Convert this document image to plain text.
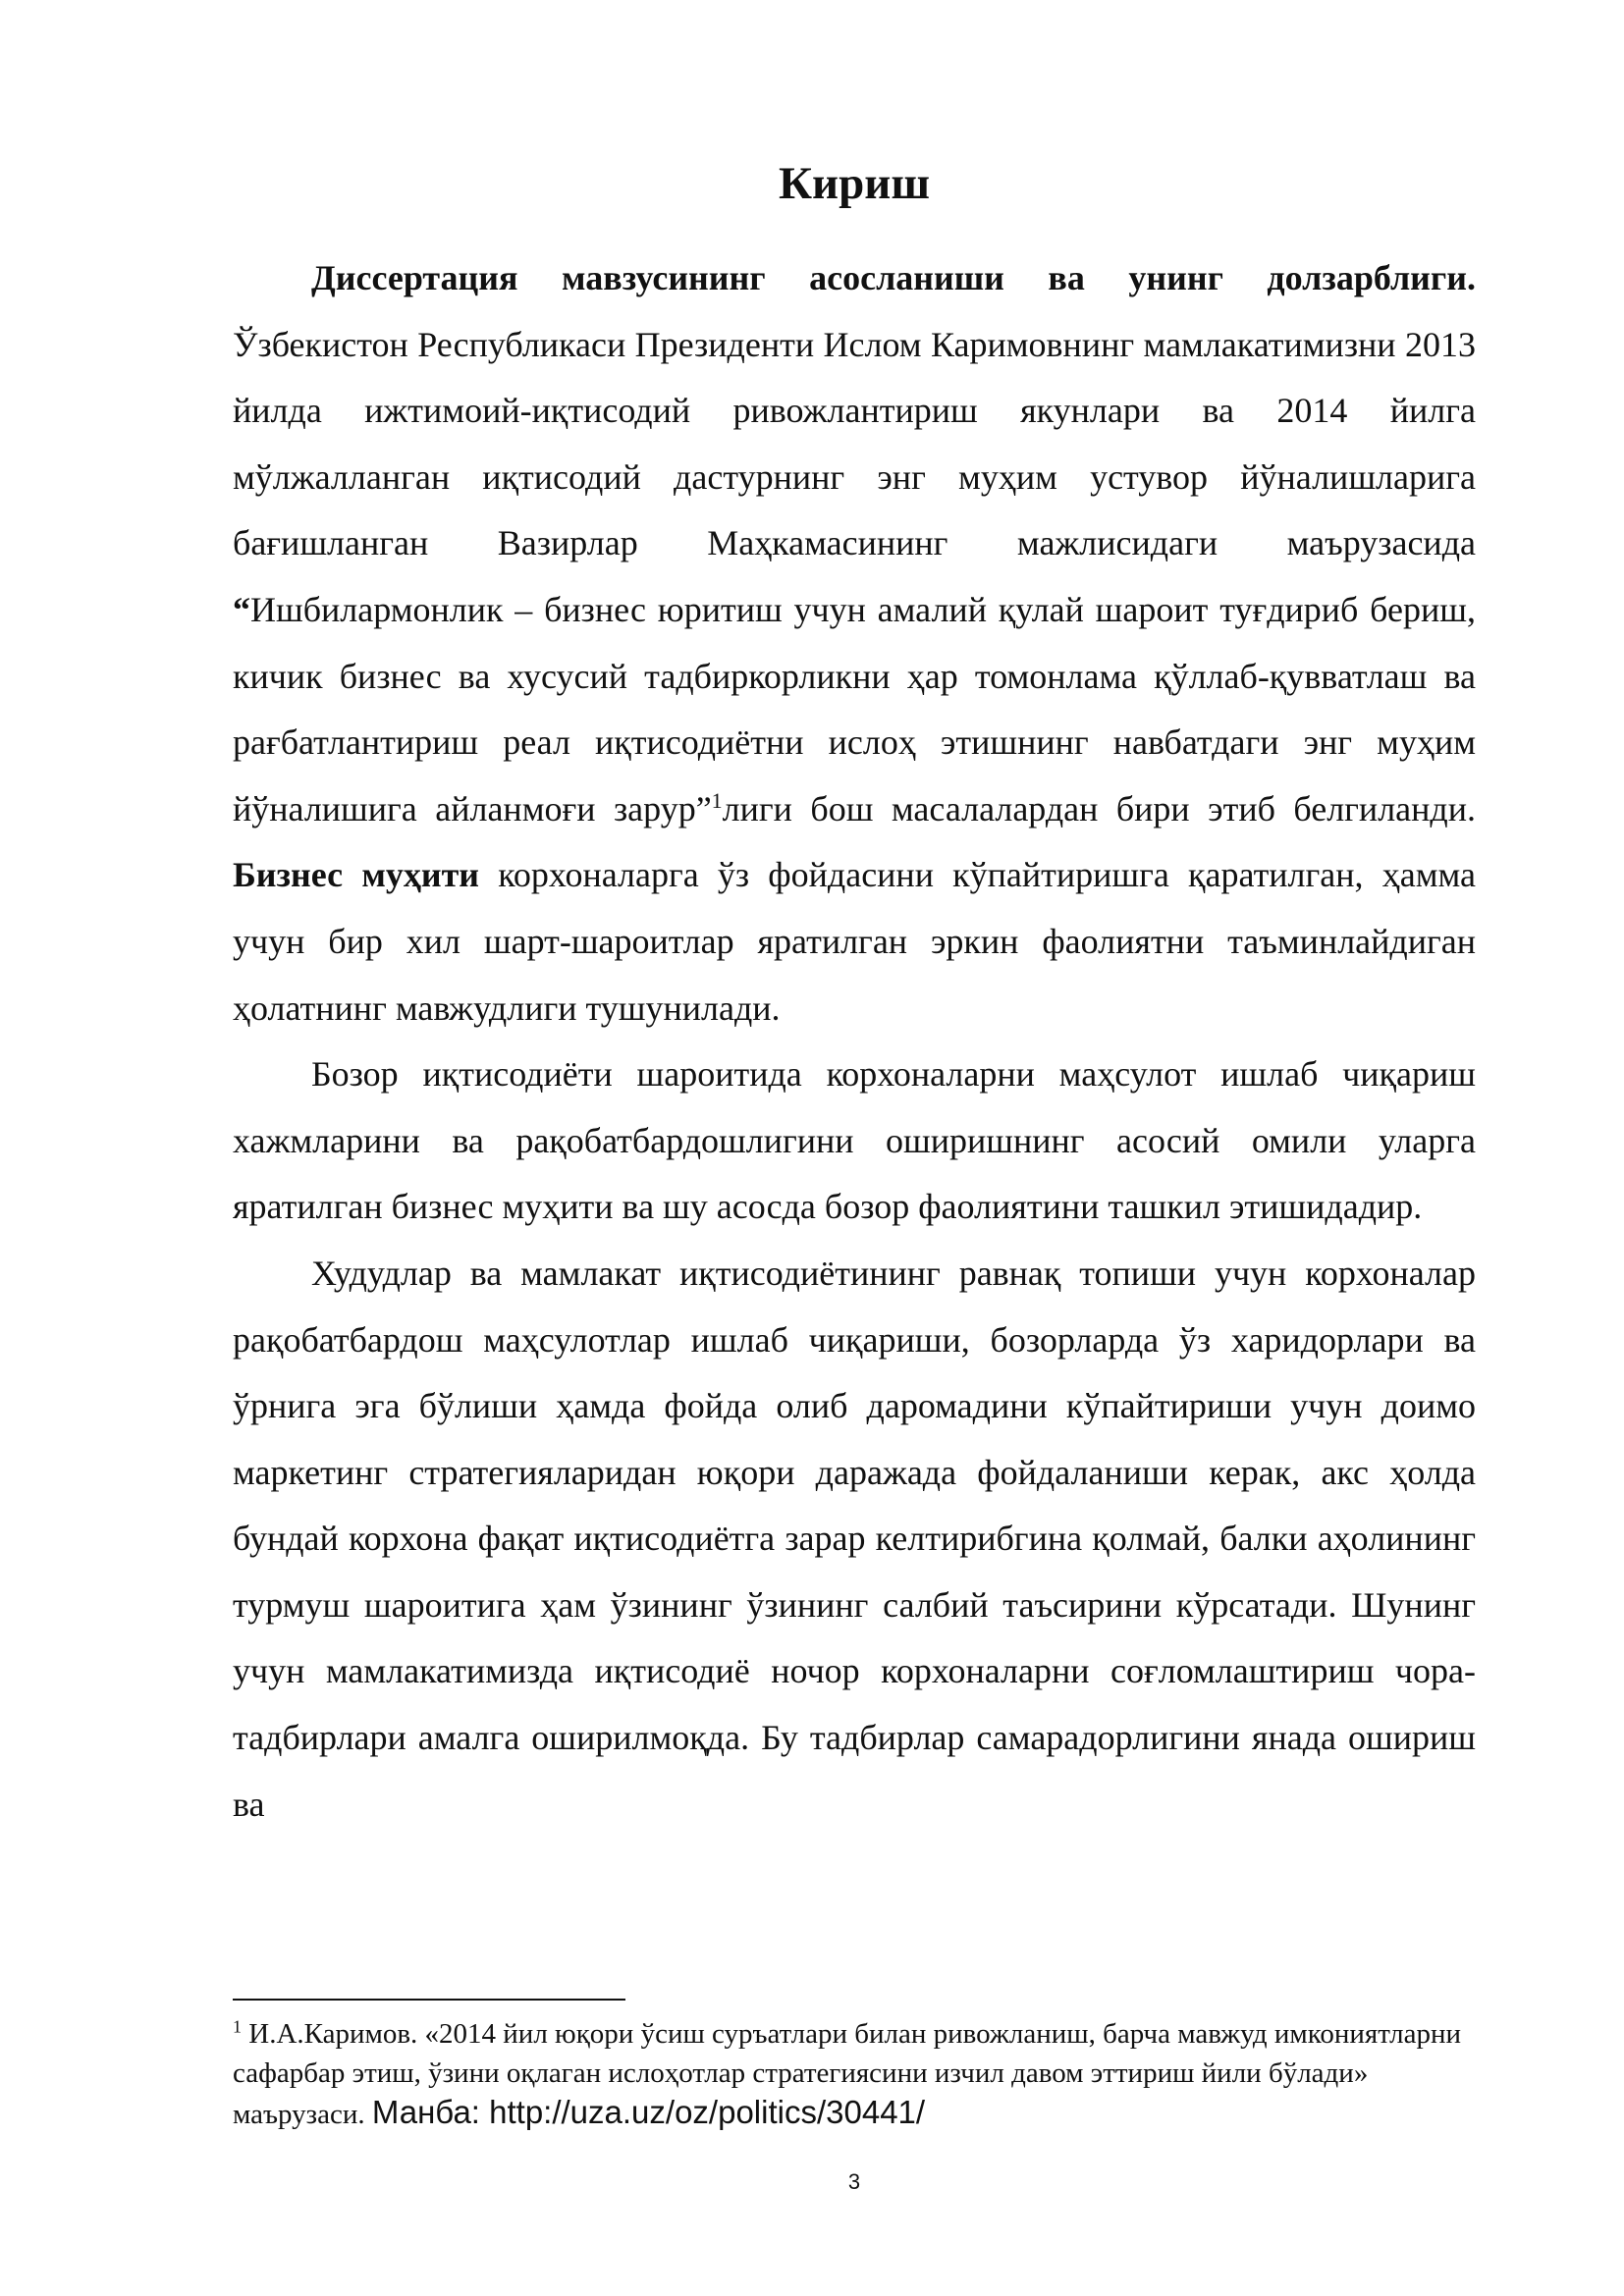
Кириш

Диссертация мавзусининг асосланиши ва унинг долзарблиги.
Ўзбекистон Республикаси Президенти Ислом Каримовнинг мамлакатимизни 2013 йилда ижтимоий-иқтисодий ривожлантириш якунлари ва 2014 йилга мўлжалланган иқтисодий дастурнинг энг муҳим устувор йўналишларига бағишланган Вазирлар Маҳкамасининг мажлисидаги маърузасида “Ишбилармонлик – бизнес юритиш учун амалий қулай шароит туғдириб бериш, кичик бизнес ва хусусий тадбиркорликни ҳар томонлама қўллаб-қувватлаш ва рағбатлантириш реал иқтисодиётни ислоҳ этишнинг навбатдаги энг муҳим йўналишига айланмоғи зарур”$^1$лиги бош масалалардан бири этиб белгиланди. Бизнес муҳити корхоналарга ўз фойдасини кўпайтиришга қаратилган, ҳамма учун бир хил шарт-шароитлар яратилган эркин фаолиятни таъминлайдиган ҳолатнинг мавжудлиги тушунилади.

Бозор иқтисодиёти шароитида корхоналарни маҳсулот ишлаб чиқариш хажмларини ва рақобатбардошлигини оширишнинг асосий омили уларга яратилган бизнес муҳити ва шу асосда бозор фаолиятини ташкил этишидадир.

Худудлар ва мамлакат иқтисодиётининг равнақ топиши учун корхоналар рақобатбардош маҳсулотлар ишлаб чиқариши, бозорларда ўз харидорлари ва ўрнига эга бўлиши ҳамда фойда олиб даромадини кўпайтириши учун доимо маркетинг стратегияларидан юқори даражада фойдаланиши керак, акс ҳолда бундай корхона фақат иқтисодиётга зарар келтирибгина қолмай, балки аҳолининг турмуш шароитига ҳам ўзининг ўзининг салбий таъсирини кўрсатади. Шунинг учун мамлакатимизда иқтисодиё ночор корхоналарни соғломлаштириш чора-тадбирлари амалга оширилмоқда. Бу тадбирлар самарадорлигини янада ошириш ва

$^1$ И.А.Каримов. «2014 йил юқори ўсиш суръатлари билан ривожланиш, барча мавжуд имкониятларни сафарбар этиш, ўзини оқлаган ислоҳотлар стратегиясини изчил давом эттириш йили бўлади» маърузаси. Манба: http://uza.uz/oz/politics/30441/
3
